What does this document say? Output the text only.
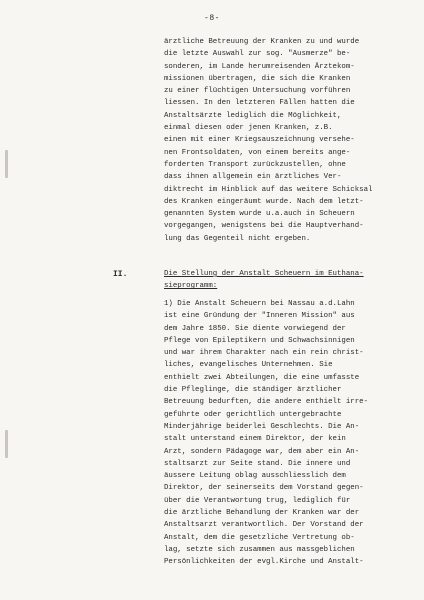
-8-
ärztliche Betreuung der Kranken zu und wurde
die letzte Auswahl zur sog. "Ausmerze" be-
sonderen, im Lande herumreisenden Ärztekom-
missionen übertragen, die sich die Kranken
zu einer flüchtigen Untersuchung vorführen
liessen. In den letzteren Fällen hatten die
Anstaltsärzte lediglich die Möglichkeit,
einmal diesen oder jenen Kranken, z.B.
einen mit einer Kriegsauszeichnung versehe-
nen Frontsoldaten, von einem bereits ange-
forderten Transport zurückzustellen, ohne
dass ihnen allgemein ein ärztliches Ver-
diktrecht im Hinblick auf das weitere Schicksal
des Kranken eingeräumt wurde. Nach dem letzt-
genannten System wurde u.a.auch in Scheuern
vorgegangen, wenigstens bei die Hauptverhand-
lung das Gegenteil nicht ergeben.
II.	Die Stellung der Anstalt Scheuern im Euthana-
sieprogramm:
1) Die Anstalt Scheuern bei Nassau a.d.Lahn
ist eine Gründung der "Inneren Mission" aus
dem Jahre 1850. Sie diente vorwiegend der
Pflege von Epileptikern und Schwachsinnigen
und war ihrem Charakter nach ein rein christ-
liches, evangelisches Unternehmen. Sie
enthielt zwei Abteilungen, die eine umfasste
die Pfleglinge, die ständiger ärztlicher
Betreuung bedurften, die andere enthielt irre-
geführte oder gerichtlich untergebrachte
Minderjährige beiderlei Geschlechts. Die An-
stalt unterstand einem Direktor, der kein
Arzt, sondern Pädagoge war, dem aber ein An-
staltsarzt zur Seite stand. Die innere und
äussere Leitung oblag ausschliesslich dem
Direktor, der seinerseits dem Vorstand gegen-
über die Verantwortung trug, lediglich für
die ärztliche Behandlung der Kranken war der
Anstaltsarzt verantwortlich. Der Vorstand der
Anstalt, dem die gesetzliche Vertretung ob-
lag, setzte sich zusammen aus massgeblichen
Persönlichkeiten der evgl.Kirche und Anstalt-
